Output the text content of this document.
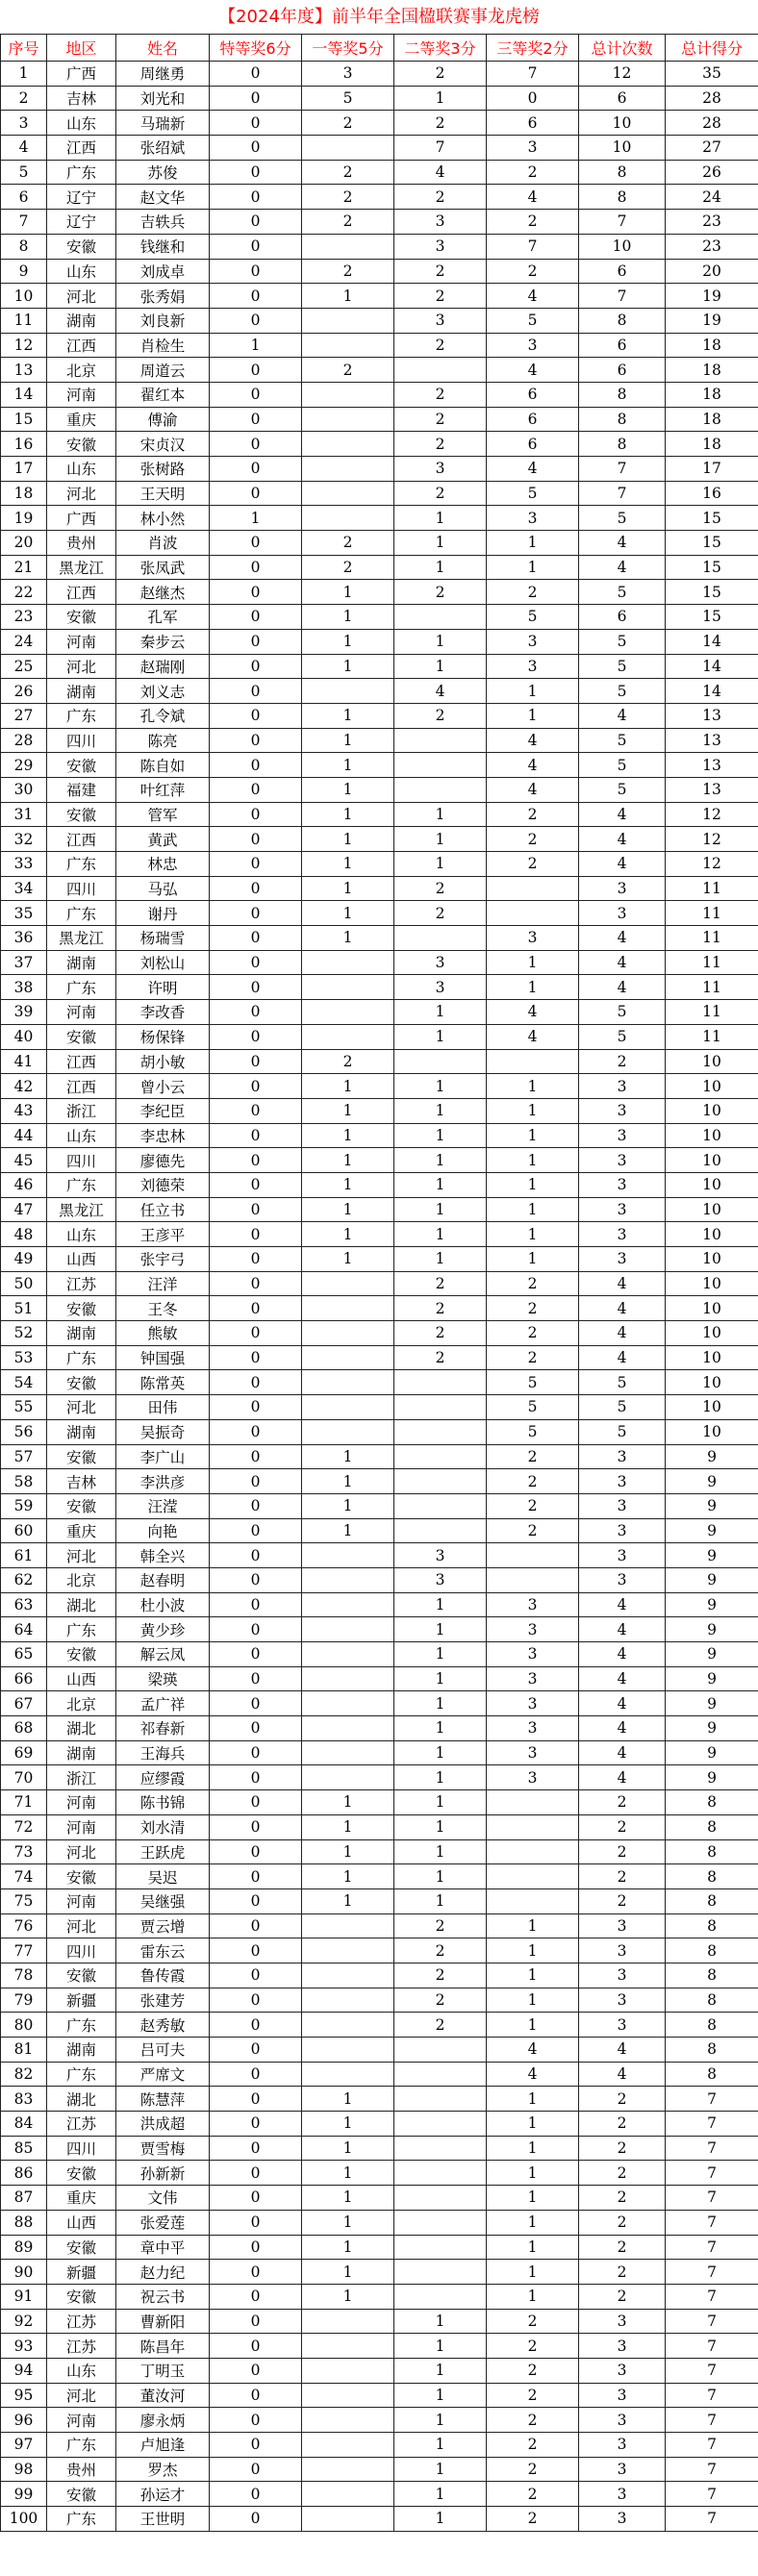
【2024年度】前半年全国楹联赛事龙虎榜
序号	地区	姓名	特等奖6分	一等奖5分	二等奖3分	三等奖2分	总计次数	总计得分
1	广西	周继勇	0	3	2	7	12	35
2	吉林	刘光和	0	5	1	0	6	28
3	山东	马瑞新	0	2	2	6	10	28
4	江西	张绍斌	0		7	3	10	27
5	广东	苏俊	0	2	4	2	8	26
6	辽宁	赵文华	0	2	2	4	8	24
7	辽宁	吉轶兵	0	2	3	2	7	23
8	安徽	钱继和	0		3	7	10	23
9	山东	刘成卓	0	2	2	2	6	20
10	河北	张秀娟	0	1	2	4	7	19
11	湖南	刘良新	0		3	5	8	19
12	江西	肖检生	1		2	3	6	18
13	北京	周道云	0	2		4	6	18
14	河南	翟红本	0		2	6	8	18
15	重庆	傅渝	0		2	6	8	18
16	安徽	宋贞汉	0		2	6	8	18
17	山东	张树路	0		3	4	7	17
18	河北	王天明	0		2	5	7	16
19	广西	林小然	1		1	3	5	15
20	贵州	肖波	0	2	1	1	4	15
21	黑龙江	张凤武	0	2	1	1	4	15
22	江西	赵继杰	0	1	2	2	5	15
23	安徽	孔军	0	1		5	6	15
24	河南	秦步云	0	1	1	3	5	14
25	河北	赵瑞刚	0	1	1	3	5	14
26	湖南	刘义志	0		4	1	5	14
27	广东	孔令斌	0	1	2	1	4	13
28	四川	陈亮	0	1		4	5	13
29	安徽	陈自如	0	1		4	5	13
30	福建	叶红萍	0	1		4	5	13
31	安徽	管军	0	1	1	2	4	12
32	江西	黄武	0	1	1	2	4	12
33	广东	林忠	0	1	1	2	4	12
34	四川	马弘	0	1	2		3	11
35	广东	谢丹	0	1	2		3	11
36	黑龙江	杨瑞雪	0	1		3	4	11
37	湖南	刘松山	0		3	1	4	11
38	广东	许明	0		3	1	4	11
39	河南	李改香	0		1	4	5	11
40	安徽	杨保锋	0		1	4	5	11
41	江西	胡小敏	0	2			2	10
42	江西	曾小云	0	1	1	1	3	10
43	浙江	李纪臣	0	1	1	1	3	10
44	山东	李忠林	0	1	1	1	3	10
45	四川	廖德先	0	1	1	1	3	10
46	广东	刘德荣	0	1	1	1	3	10
47	黑龙江	任立书	0	1	1	1	3	10
48	山东	王彦平	0	1	1	1	3	10
49	山西	张宇弓	0	1	1	1	3	10
50	江苏	汪洋	0		2	2	4	10
51	安徽	王冬	0		2	2	4	10
52	湖南	熊敏	0		2	2	4	10
53	广东	钟国强	0		2	2	4	10
54	安徽	陈常英	0			5	5	10
55	河北	田伟	0			5	5	10
56	湖南	吴振奇	0			5	5	10
57	安徽	李广山	0	1		2	3	9
58	吉林	李洪彦	0	1		2	3	9
59	安徽	汪滢	0	1		2	3	9
60	重庆	向艳	0	1		2	3	9
61	河北	韩全兴	0		3		3	9
62	北京	赵春明	0		3		3	9
63	湖北	杜小波	0		1	3	4	9
64	广东	黄少珍	0		1	3	4	9
65	安徽	解云凤	0		1	3	4	9
66	山西	梁瑛	0		1	3	4	9
67	北京	孟广祥	0		1	3	4	9
68	湖北	祁春新	0		1	3	4	9
69	湖南	王海兵	0		1	3	4	9
70	浙江	应缪霞	0		1	3	4	9
71	河南	陈书锦	0	1	1		2	8
72	河南	刘水清	0	1	1		2	8
73	河北	王跃虎	0	1	1		2	8
74	安徽	吴迟	0	1	1		2	8
75	河南	吴继强	0	1	1		2	8
76	河北	贾云增	0		2	1	3	8
77	四川	雷东云	0		2	1	3	8
78	安徽	鲁传霞	0		2	1	3	8
79	新疆	张建芳	0		2	1	3	8
80	广东	赵秀敏	0		2	1	3	8
81	湖南	吕可夫	0			4	4	8
82	广东	严席文	0			4	4	8
83	湖北	陈慧萍	0	1		1	2	7
84	江苏	洪成超	0	1		1	2	7
85	四川	贾雪梅	0	1		1	2	7
86	安徽	孙新新	0	1		1	2	7
87	重庆	文伟	0	1		1	2	7
88	山西	张爱莲	0	1		1	2	7
89	安徽	章中平	0	1		1	2	7
90	新疆	赵力纪	0	1		1	2	7
91	安徽	祝云书	0	1		1	2	7
92	江苏	曹新阳	0		1	2	3	7
93	江苏	陈昌年	0		1	2	3	7
94	山东	丁明玉	0		1	2	3	7
95	河北	董汝河	0		1	2	3	7
96	河南	廖永炳	0		1	2	3	7
97	广东	卢旭逢	0		1	2	3	7
98	贵州	罗杰	0		1	2	3	7
99	安徽	孙运才	0		1	2	3	7
100	广东	王世明	0		1	2	3	7
